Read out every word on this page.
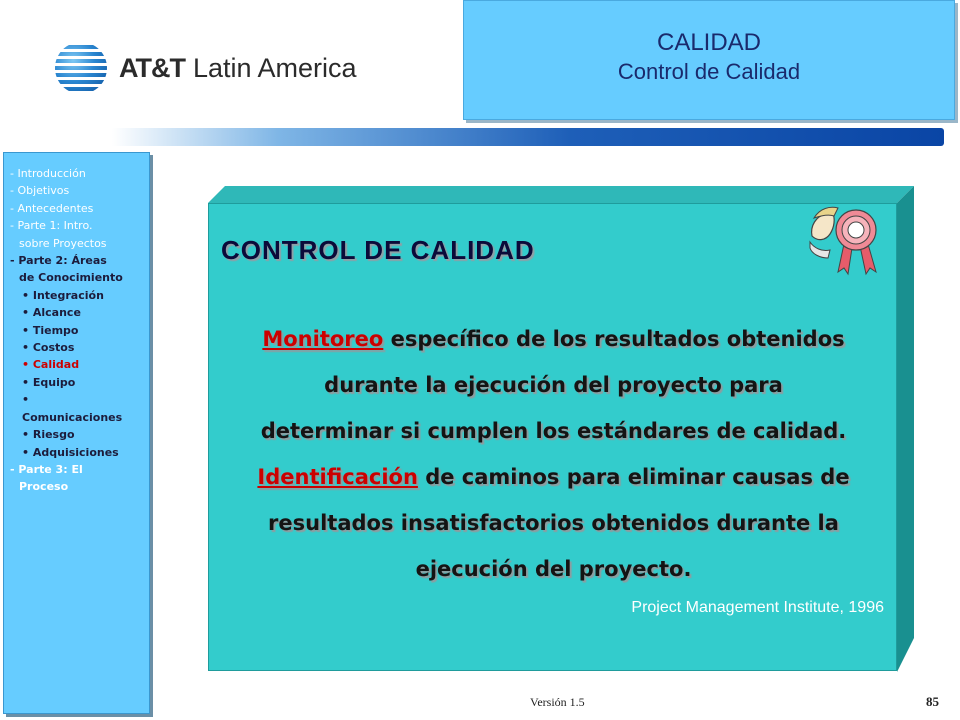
AT&T Latin America
CALIDAD
Control de Calidad
- Introducción
- Objetivos
- Antecedentes
- Parte 1: Intro.
sobre Proyectos
- Parte 2: Áreas
de Conocimiento
• Integración
• Alcance
• Tiempo
• Costos
• Calidad
• Equipo
•
Comunicaciones
• Riesgo
• Adquisiciones
- Parte 3: El
Proceso
CONTROL DE CALIDAD
Monitoreo específico de los resultados obtenidos
durante la ejecución del proyecto para
determinar si cumplen los estándares de calidad.
Identificación de caminos para eliminar causas de
resultados insatisfactorios obtenidos durante la
ejecución del proyecto.
Project Management Institute, 1996
Versión 1.5	85
